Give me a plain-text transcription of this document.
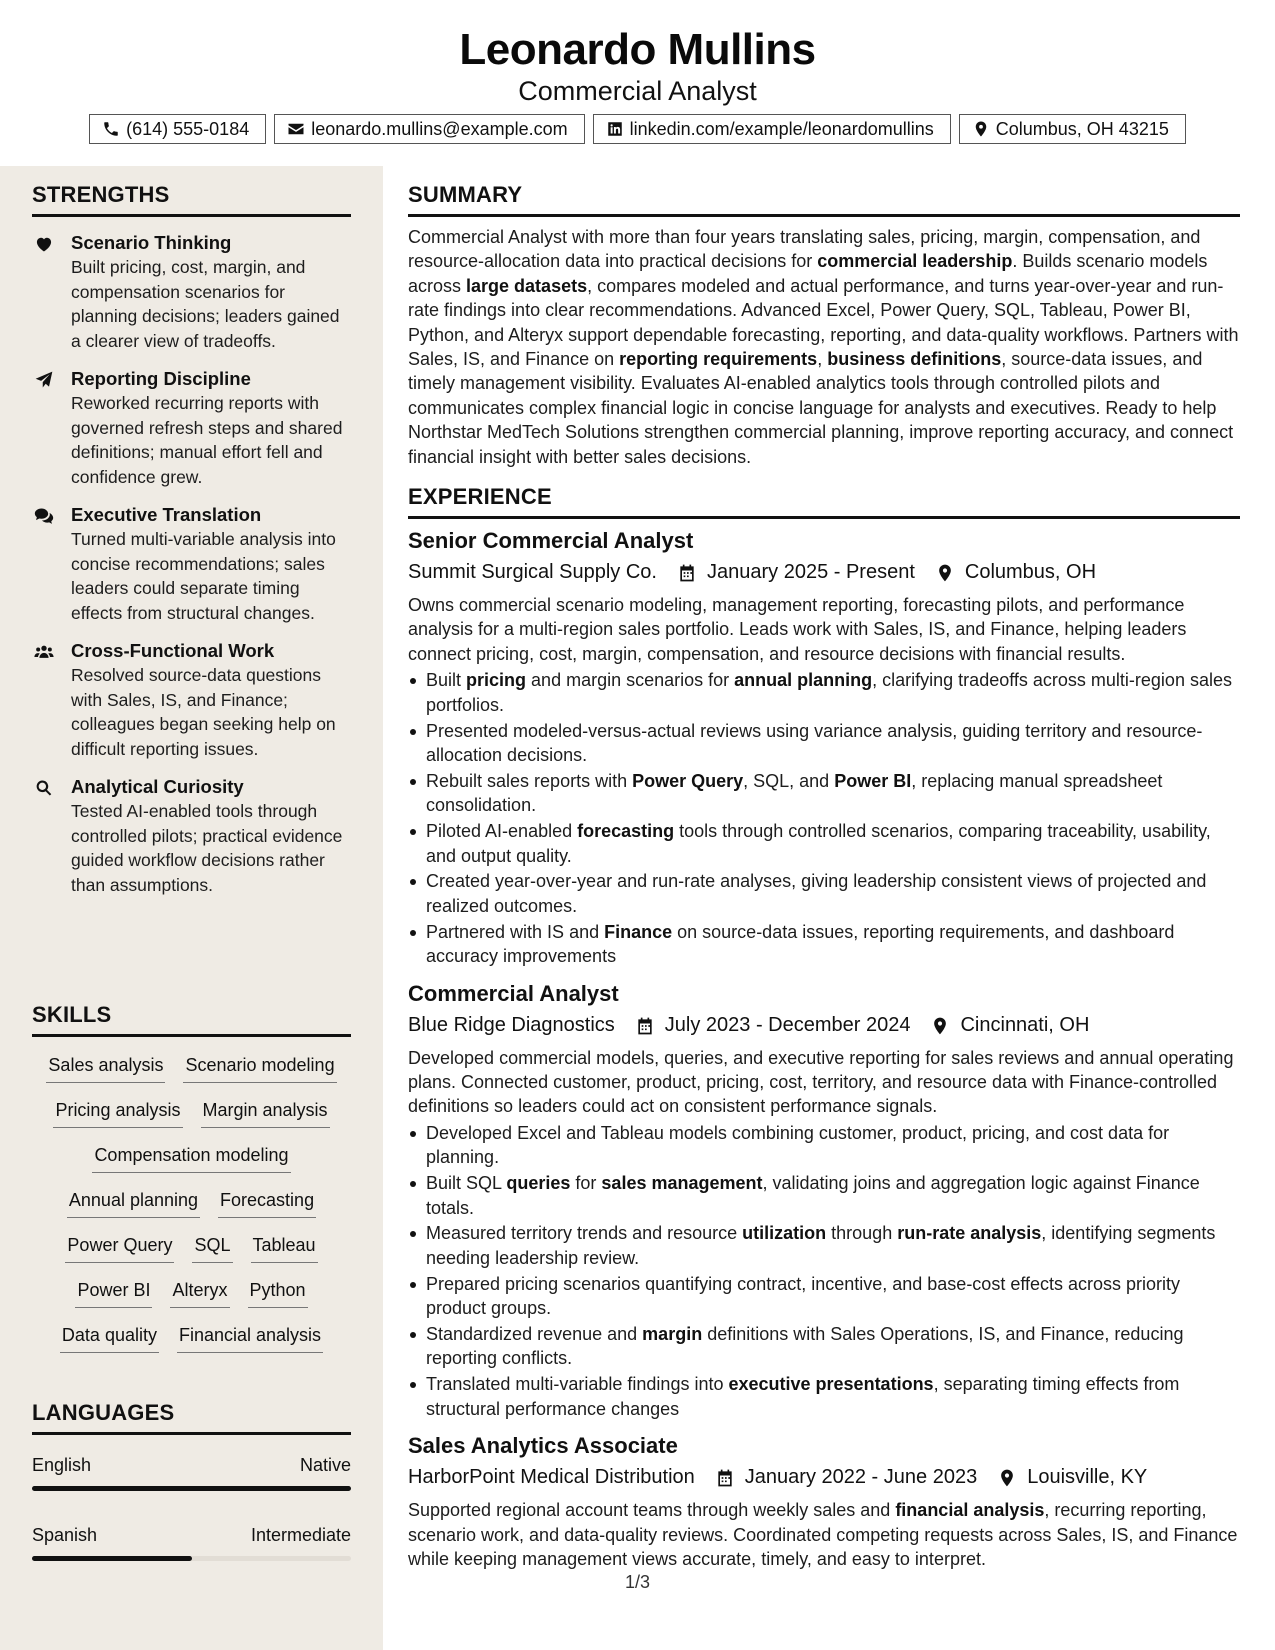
Leonardo Mullins
Commercial Analyst
(614) 555-0184	leonardo.mullins@example.com	linkedin.com/example/leonardomullins	Columbus, OH 43215
STRENGTHS
Scenario Thinking
Built pricing, cost, margin, and compensation scenarios for planning decisions; leaders gained a clearer view of tradeoffs.
Reporting Discipline
Reworked recurring reports with governed refresh steps and shared definitions; manual effort fell and confidence grew.
Executive Translation
Turned multi-variable analysis into concise recommendations; sales leaders could separate timing effects from structural changes.
Cross-Functional Work
Resolved source-data questions with Sales, IS, and Finance; colleagues began seeking help on difficult reporting issues.
Analytical Curiosity
Tested AI-enabled tools through controlled pilots; practical evidence guided workflow decisions rather than assumptions.
SKILLS
Sales analysis Scenario modeling
Pricing analysis Margin analysis
Compensation modeling
Annual planning Forecasting
Power Query SQL Tableau
Power BI Alteryx Python
Data quality Financial analysis
LANGUAGES
English	Native
Spanish	Intermediate
SUMMARY
Commercial Analyst with more than four years translating sales, pricing, margin, compensation, and resource-allocation data into practical decisions for commercial leadership. Builds scenario models across large datasets, compares modeled and actual performance, and turns year-over-year and run-rate findings into clear recommendations. Advanced Excel, Power Query, SQL, Tableau, Power BI, Python, and Alteryx support dependable forecasting, reporting, and data-quality workflows. Partners with Sales, IS, and Finance on reporting requirements, business definitions, source-data issues, and timely management visibility. Evaluates AI-enabled analytics tools through controlled pilots and communicates complex financial logic in concise language for analysts and executives. Ready to help Northstar MedTech Solutions strengthen commercial planning, improve reporting accuracy, and connect financial insight with better sales decisions.
EXPERIENCE
Senior Commercial Analyst
Summit Surgical Supply Co.	January 2025 - Present	Columbus, OH
Owns commercial scenario modeling, management reporting, forecasting pilots, and performance analysis for a multi-region sales portfolio. Leads work with Sales, IS, and Finance, helping leaders connect pricing, cost, margin, compensation, and resource decisions with financial results.
Built pricing and margin scenarios for annual planning, clarifying tradeoffs across multi-region sales portfolios.
Presented modeled-versus-actual reviews using variance analysis, guiding territory and resource-allocation decisions.
Rebuilt sales reports with Power Query, SQL, and Power BI, replacing manual spreadsheet consolidation.
Piloted AI-enabled forecasting tools through controlled scenarios, comparing traceability, usability, and output quality.
Created year-over-year and run-rate analyses, giving leadership consistent views of projected and realized outcomes.
Partnered with IS and Finance on source-data issues, reporting requirements, and dashboard accuracy improvements
Commercial Analyst
Blue Ridge Diagnostics	July 2023 - December 2024	Cincinnati, OH
Developed commercial models, queries, and executive reporting for sales reviews and annual operating plans. Connected customer, product, pricing, cost, territory, and resource data with Finance-controlled definitions so leaders could act on consistent performance signals.
Developed Excel and Tableau models combining customer, product, pricing, and cost data for planning.
Built SQL queries for sales management, validating joins and aggregation logic against Finance totals.
Measured territory trends and resource utilization through run-rate analysis, identifying segments needing leadership review.
Prepared pricing scenarios quantifying contract, incentive, and base-cost effects across priority product groups.
Standardized revenue and margin definitions with Sales Operations, IS, and Finance, reducing reporting conflicts.
Translated multi-variable findings into executive presentations, separating timing effects from structural performance changes
Sales Analytics Associate
HarborPoint Medical Distribution	January 2022 - June 2023	Louisville, KY
Supported regional account teams through weekly sales and financial analysis, recurring reporting, scenario work, and data-quality reviews. Coordinated competing requests across Sales, IS, and Finance while keeping management views accurate, timely, and easy to interpret.
1/3
